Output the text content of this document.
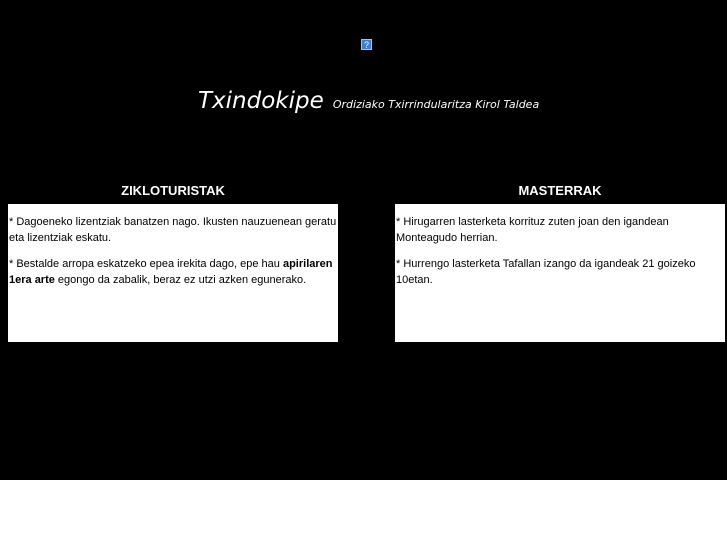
?
Txindokipe Ordiziako Txirrindularitza Kirol Taldea
ZIKLOTURISTAK

* Dagoeneko lizentziak banatzen nago. Ikusten nauzuenean geratu eta lizentziak eskatu.

* Bestalde arropa eskatzeko epea irekita dago, epe hau apirilaren 1era arte egongo da zabalik, beraz ez utzi azken egunerako.

MASTERRAK

* Hirugarren lasterketa korrituz zuten joan den igandean Monteagudo herrian.

* Hurrengo lasterketa Tafallan izango da igandeak 21 goizeko 10etan.
